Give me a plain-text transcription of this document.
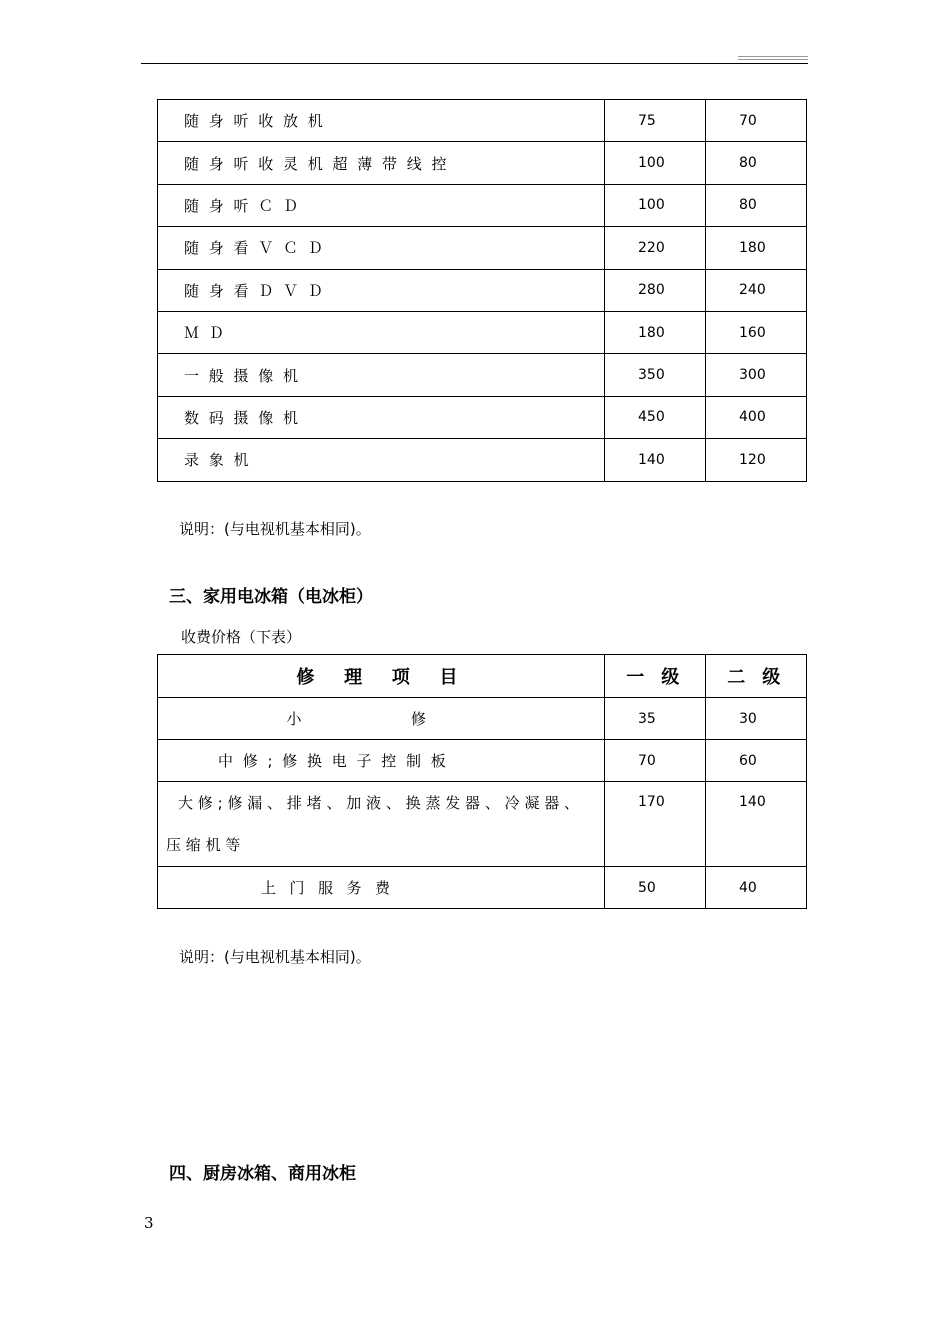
随身听收放机	75	70
随身听收灵机超薄带线控	100	80
随身听ＣＤ	100	80
随身看ＶＣＤ	220	180
随身看ＤＶＤ	280	240
ＭＤ	180	160
一般摄像机	350	300
数码摄像机	450	400
录象机	140	120
说明：(与电视机基本相同)。
三、家用电冰箱（电冰柜）
收费价格（下表）
修理项目	一级	二级
小修	35	30
中修;修换电子控制板	70	60

大修;修漏、排堵、加液、换蒸发器、冷凝器、
压缩机等	170	140
上门服务费	50	40
说明：(与电视机基本相同)。
四、厨房冰箱、商用冰柜
3
